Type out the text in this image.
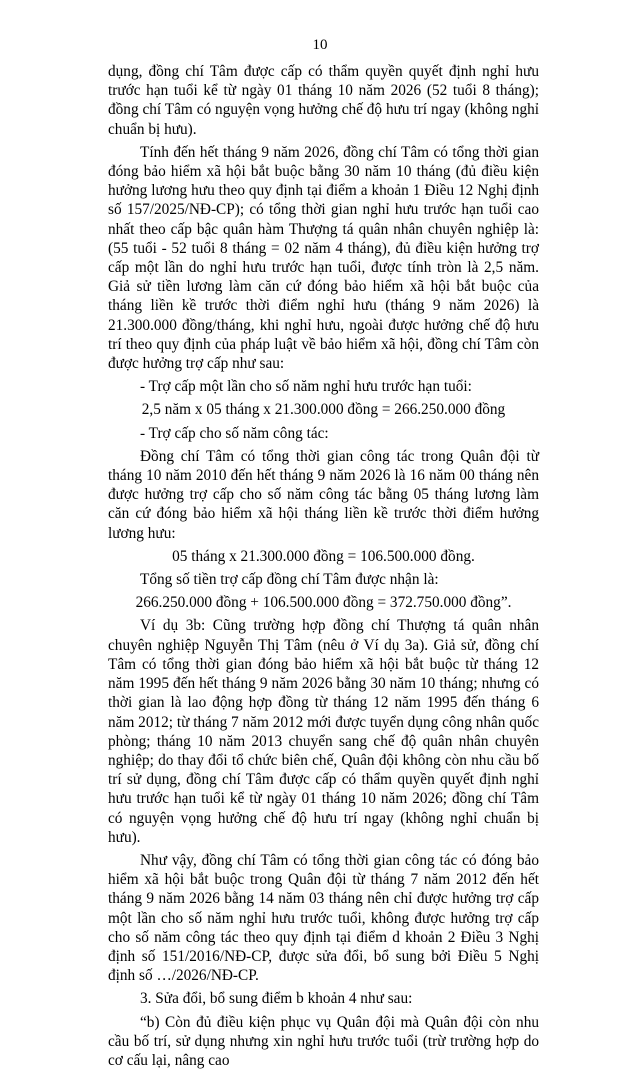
10

dụng, đồng chí Tâm được cấp có thẩm quyền quyết định nghỉ hưu trước hạn tuổi kể từ ngày 01 tháng 10 năm 2026 (52 tuổi 8 tháng); đồng chí Tâm có nguyện vọng hưởng chế độ hưu trí ngay (không nghỉ chuẩn bị hưu).

Tính đến hết tháng 9 năm 2026, đồng chí Tâm có tổng thời gian đóng bảo hiểm xã hội bắt buộc bằng 30 năm 10 tháng (đủ điều kiện hưởng lương hưu theo quy định tại điểm a khoản 1 Điều 12 Nghị định số 157/2025/NĐ-CP); có tổng thời gian nghỉ hưu trước hạn tuổi cao nhất theo cấp bậc quân hàm Thượng tá quân nhân chuyên nghiệp là: (55 tuổi - 52 tuổi 8 tháng = 02 năm 4 tháng), đủ điều kiện hưởng trợ cấp một lần do nghỉ hưu trước hạn tuổi, được tính tròn là 2,5 năm. Giả sử tiền lương làm căn cứ đóng bảo hiểm xã hội bắt buộc của tháng liền kề trước thời điểm nghỉ hưu (tháng 9 năm 2026) là 21.300.000 đồng/tháng, khi nghỉ hưu, ngoài được hưởng chế độ hưu trí theo quy định của pháp luật về bảo hiểm xã hội, đồng chí Tâm còn được hưởng trợ cấp như sau:

- Trợ cấp một lần cho số năm nghỉ hưu trước hạn tuổi:

2,5 năm x 05 tháng x 21.300.000 đồng = 266.250.000 đồng

- Trợ cấp cho số năm công tác:

Đồng chí Tâm có tổng thời gian công tác trong Quân đội từ tháng 10 năm 2010 đến hết tháng 9 năm 2026 là 16 năm 00 tháng nên được hưởng trợ cấp cho số năm công tác bằng 05 tháng lương làm căn cứ đóng bảo hiểm xã hội tháng liền kề trước thời điểm hưởng lương hưu:

05 tháng x 21.300.000 đồng = 106.500.000 đồng.

Tổng số tiền trợ cấp đồng chí Tâm được nhận là:

266.250.000 đồng + 106.500.000 đồng = 372.750.000 đồng”.

Ví dụ 3b: Cũng trường hợp đồng chí Thượng tá quân nhân chuyên nghiệp Nguyễn Thị Tâm (nêu ở Ví dụ 3a). Giả sử, đồng chí Tâm có tổng thời gian đóng bảo hiểm xã hội bắt buộc từ tháng 12 năm 1995 đến hết tháng 9 năm 2026 bằng 30 năm 10 tháng; nhưng có thời gian là lao động hợp đồng từ tháng 12 năm 1995 đến tháng 6 năm 2012; từ tháng 7 năm 2012 mới được tuyển dụng công nhân quốc phòng; tháng 10 năm 2013 chuyển sang chế độ quân nhân chuyên nghiệp; do thay đổi tổ chức biên chế, Quân đội không còn nhu cầu bố trí sử dụng, đồng chí Tâm được cấp có thẩm quyền quyết định nghỉ hưu trước hạn tuổi kể từ ngày 01 tháng 10 năm 2026; đồng chí Tâm có nguyện vọng hưởng chế độ hưu trí ngay (không nghỉ chuẩn bị hưu).

Như vậy, đồng chí Tâm có tổng thời gian công tác có đóng bảo hiểm xã hội bắt buộc trong Quân đội từ tháng 7 năm 2012 đến hết tháng 9 năm 2026 bằng 14 năm 03 tháng nên chỉ được hưởng trợ cấp một lần cho số năm nghỉ hưu trước tuổi, không được hưởng trợ cấp cho số năm công tác theo quy định tại điểm d khoản 2 Điều 3 Nghị định số 151/2016/NĐ-CP, được sửa đổi, bổ sung bởi Điều 5 Nghị định số …/2026/NĐ-CP.

3. Sửa đổi, bổ sung điểm b khoản 4 như sau:

“b) Còn đủ điều kiện phục vụ Quân đội mà Quân đội còn nhu cầu bố trí, sử dụng nhưng xin nghỉ hưu trước tuổi (trừ trường hợp do cơ cấu lại, nâng cao
